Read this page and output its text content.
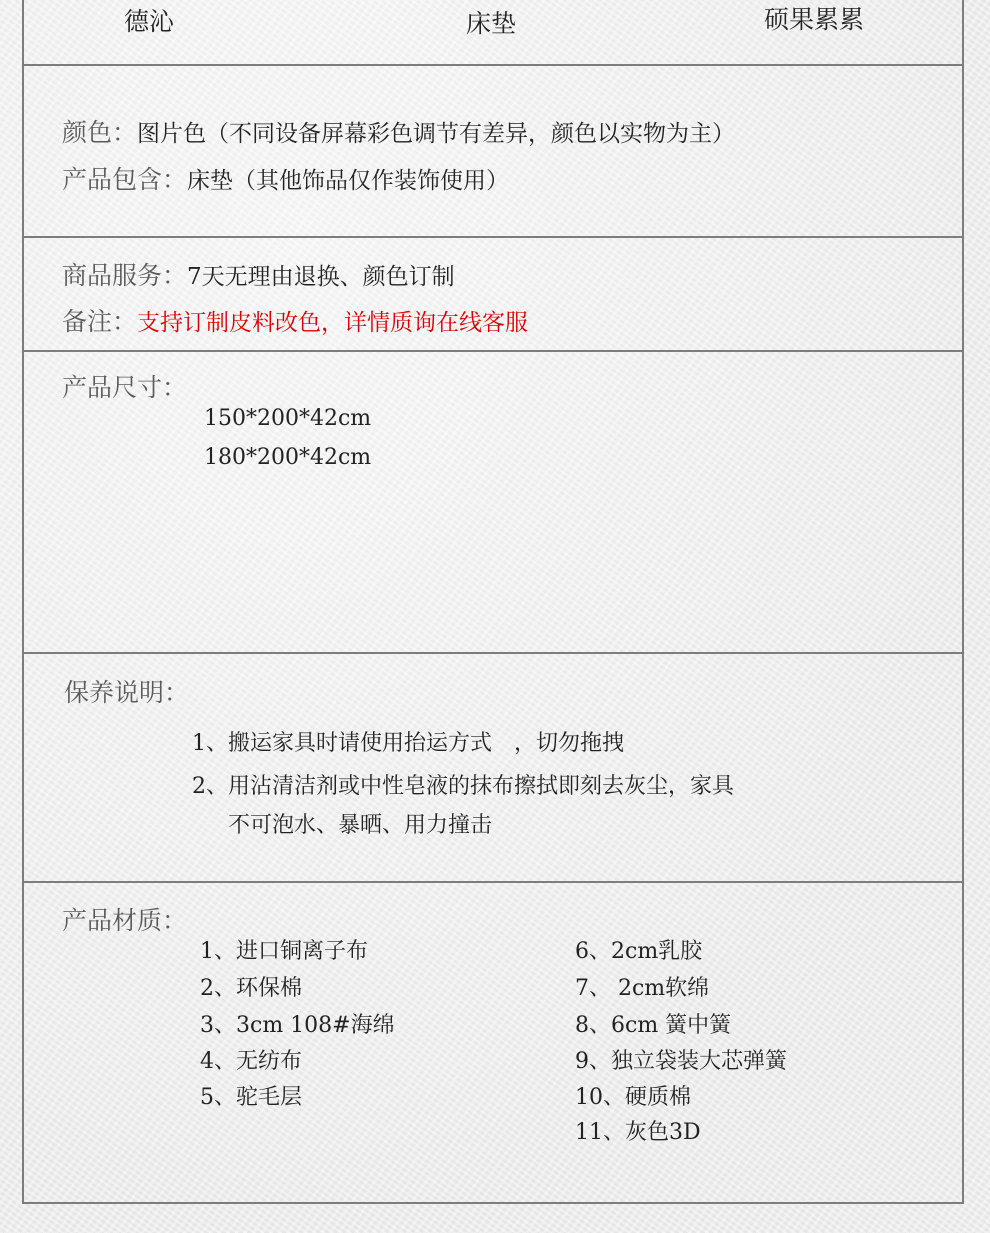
德沁	床垫	硕果累累
颜色：图片色（不同设备屏幕彩色调节有差异，颜色以实物为主）
产品包含：床垫（其他饰品仅作装饰使用）
商品服务：7天无理由退换、颜色订制
备注：支持订制皮料改色，详情质询在线客服
产品尺寸：
150*200*42cm
180*200*42cm
保养说明：
1、搬运家具时请使用抬运方式　，切勿拖拽
2、用沾清洁剂或中性皂液的抹布擦拭即刻去灰尘，家具
不可泡水、暴晒、用力撞击
产品材质：
1、进口铜离子布
2、环保棉
3、3cm 108#海绵
4、无纺布
5、驼毛层
6、2cm乳胶
7、 2cm软绵
8、6cm 簧中簧
9、独立袋装大芯弹簧
10、硬质棉
11、灰色3D
